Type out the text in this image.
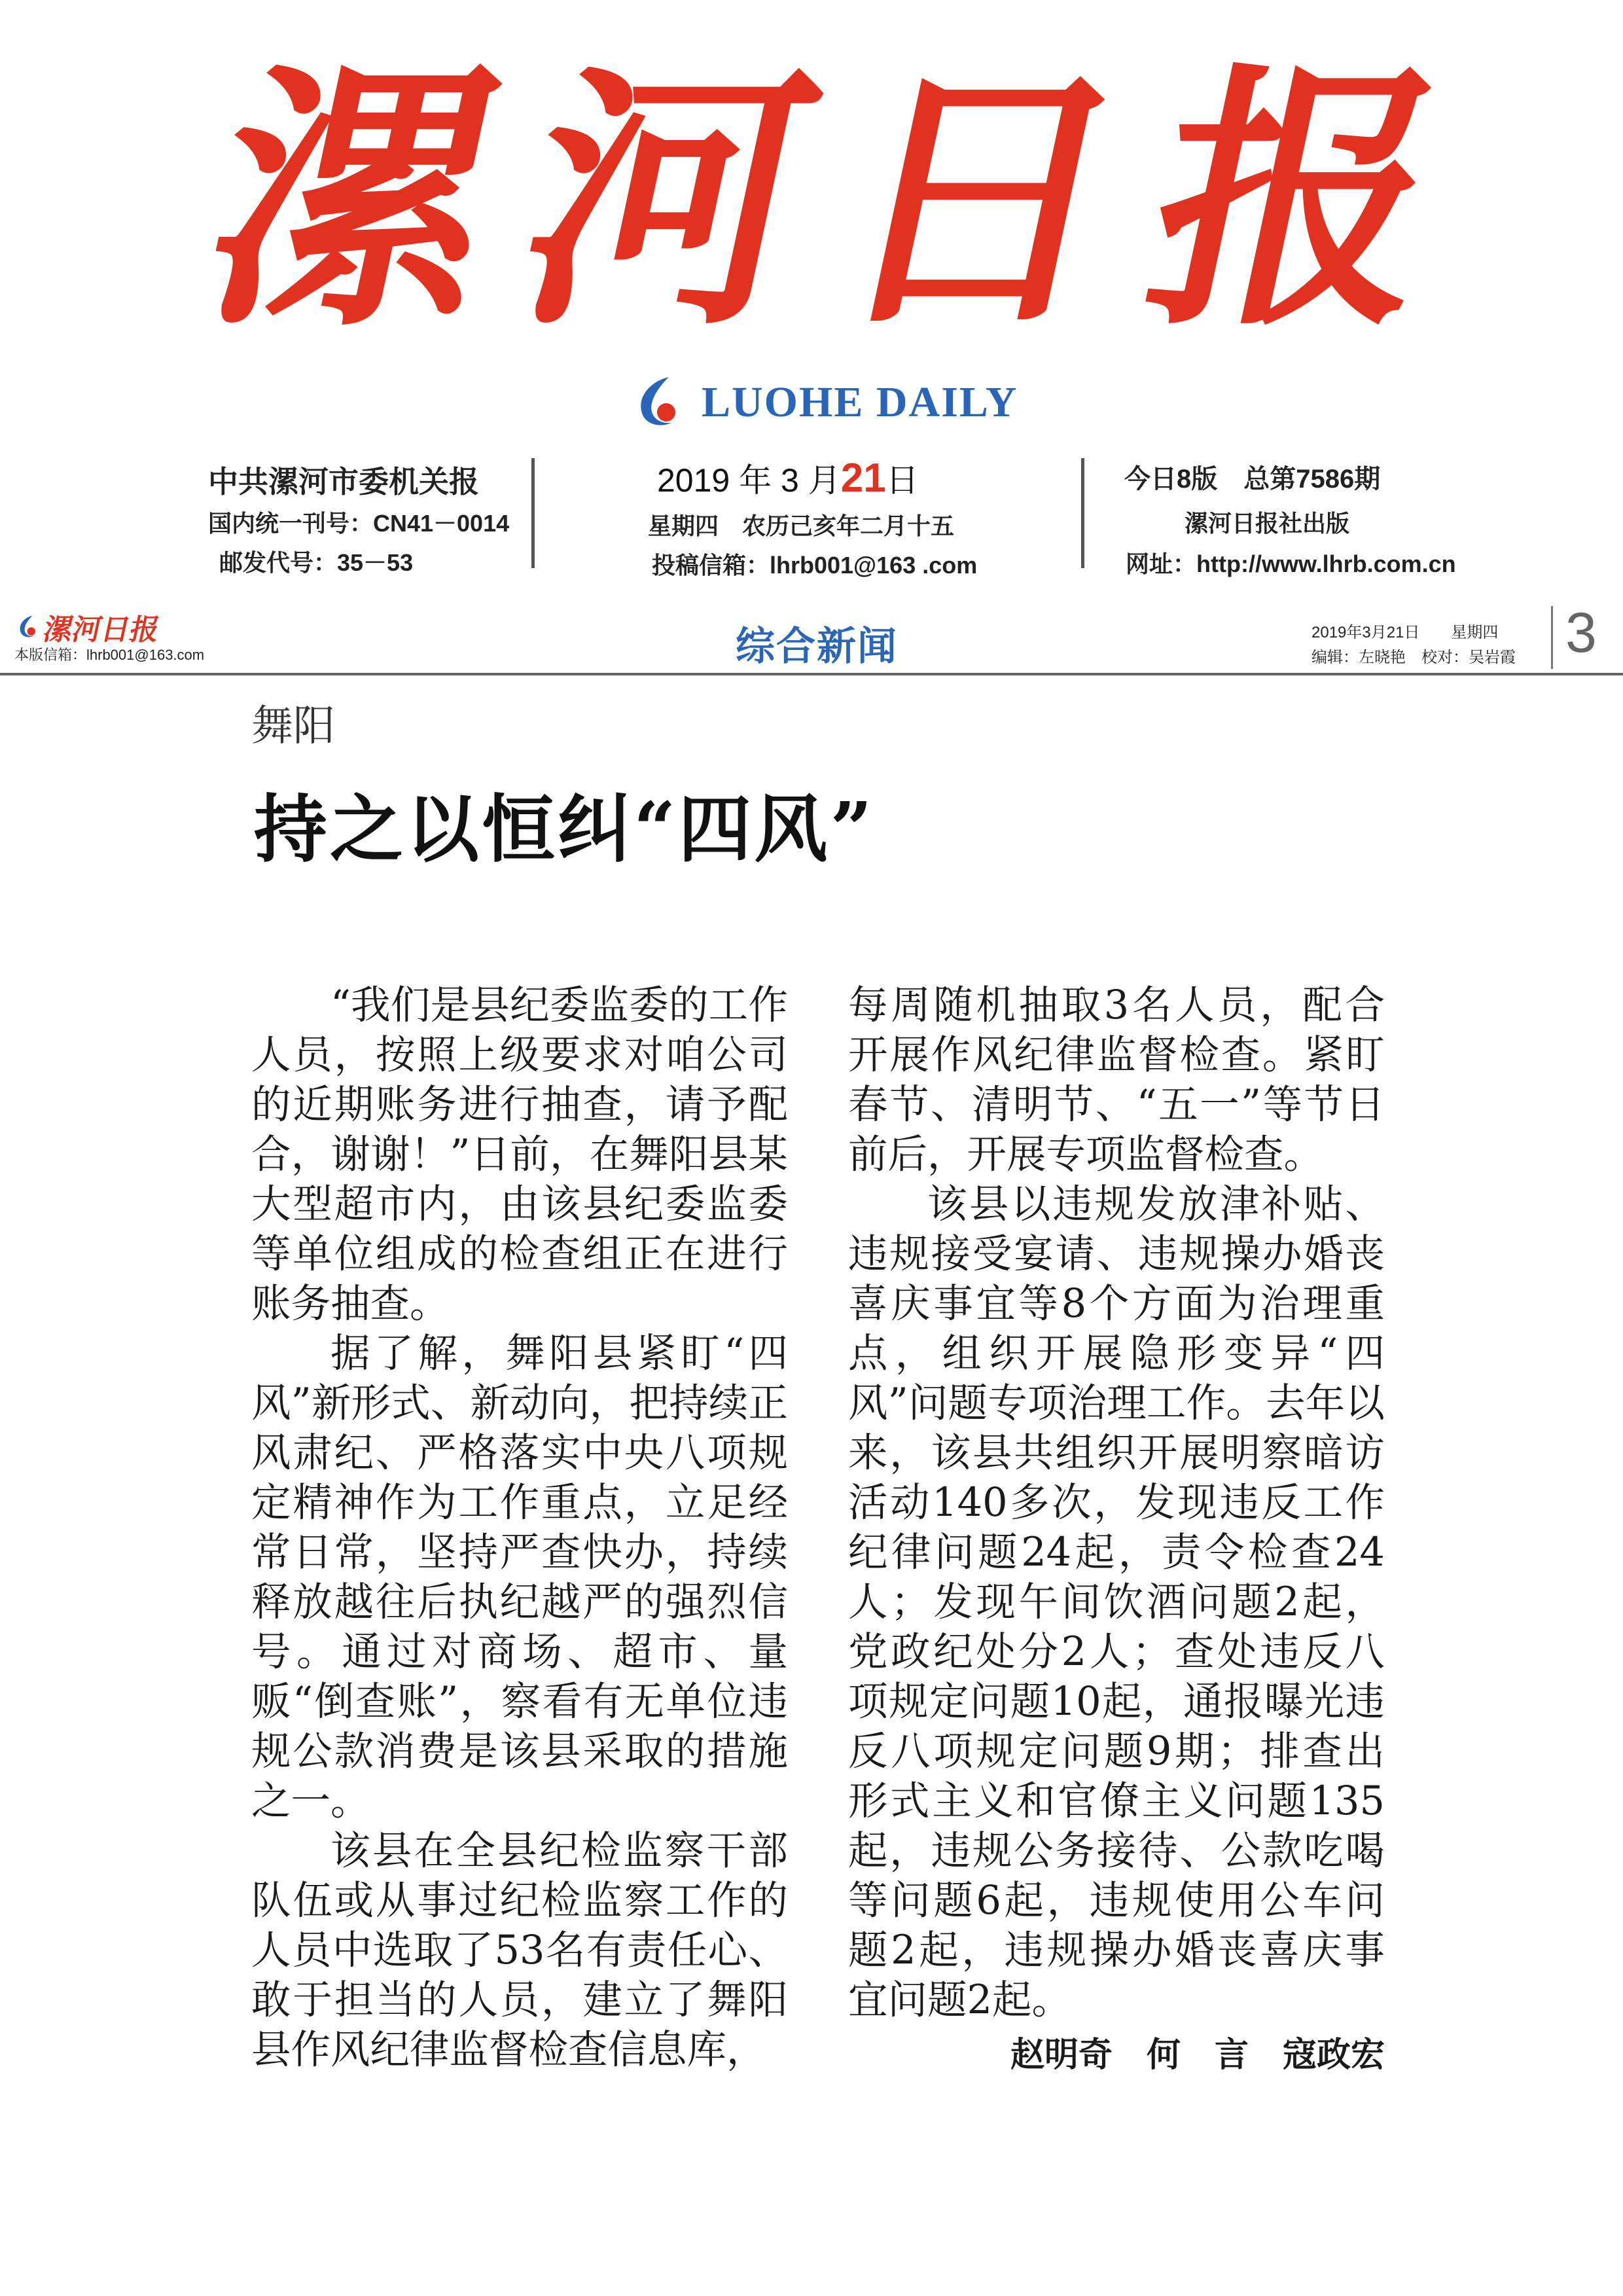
漯
河
日
报
LUOHE DAILY
中共漯河市委机关报
国内统一刊号：CN41－0014
邮发代号：35－53
2019 年 3 月21日
星期四　农历己亥年二月十五
投稿信箱：lhrb001@163 .com
今日8版　总第7586期
漯河日报社出版
网址：http://www.lhrb.com.cn
漯河日报
本版信箱：lhrb001@163.com	综合新闻	2019年3月21日　　星期四
编辑：左晓艳　校对：吴岩霞 3
舞阳
持之以恒纠“四风”

“我们是县纪委监委的工作人员，按照上级要求对咱公司的近期账务进行抽查，请予配合，谢谢！”日前，在舞阳县某大型超市内，由该县纪委监委等单位组成的检查组正在进行账务抽查。

据了解，舞阳县紧盯“四风”新形式、新动向，把持续正风肃纪、严格落实中央八项规定精神作为工作重点，立足经常日常，坚持严查快办，持续释放越往后执纪越严的强烈信号。通过对商场、超市、量贩“倒查账”，察看有无单位违规公款消费是该县采取的措施之一。

该县在全县纪检监察干部队伍或从事过纪检监察工作的人员中选取了53名有责任心、敢于担当的人员，建立了舞阳县作风纪律监督检查信息库，

每周随机抽取3名人员，配合开展作风纪律监督检查。紧盯春节、清明节、“五一”等节日前后，开展专项监督检查。

该县以违规发放津补贴、违规接受宴请、违规操办婚丧喜庆事宜等8个方面为治理重点，组织开展隐形变异“四风”问题专项治理工作。去年以来，该县共组织开展明察暗访活动140多次，发现违反工作纪律问题24起，责令检查24人；发现午间饮酒问题2起，党政纪处分2人；查处违反八项规定问题10起，通报曝光违反八项规定问题9期；排查出形式主义和官僚主义问题135起，违规公务接待、公款吃喝等问题6起，违规使用公车问题2起，违规操办婚丧喜庆事宜问题2起。

赵明奇　何　言　寇政宏
